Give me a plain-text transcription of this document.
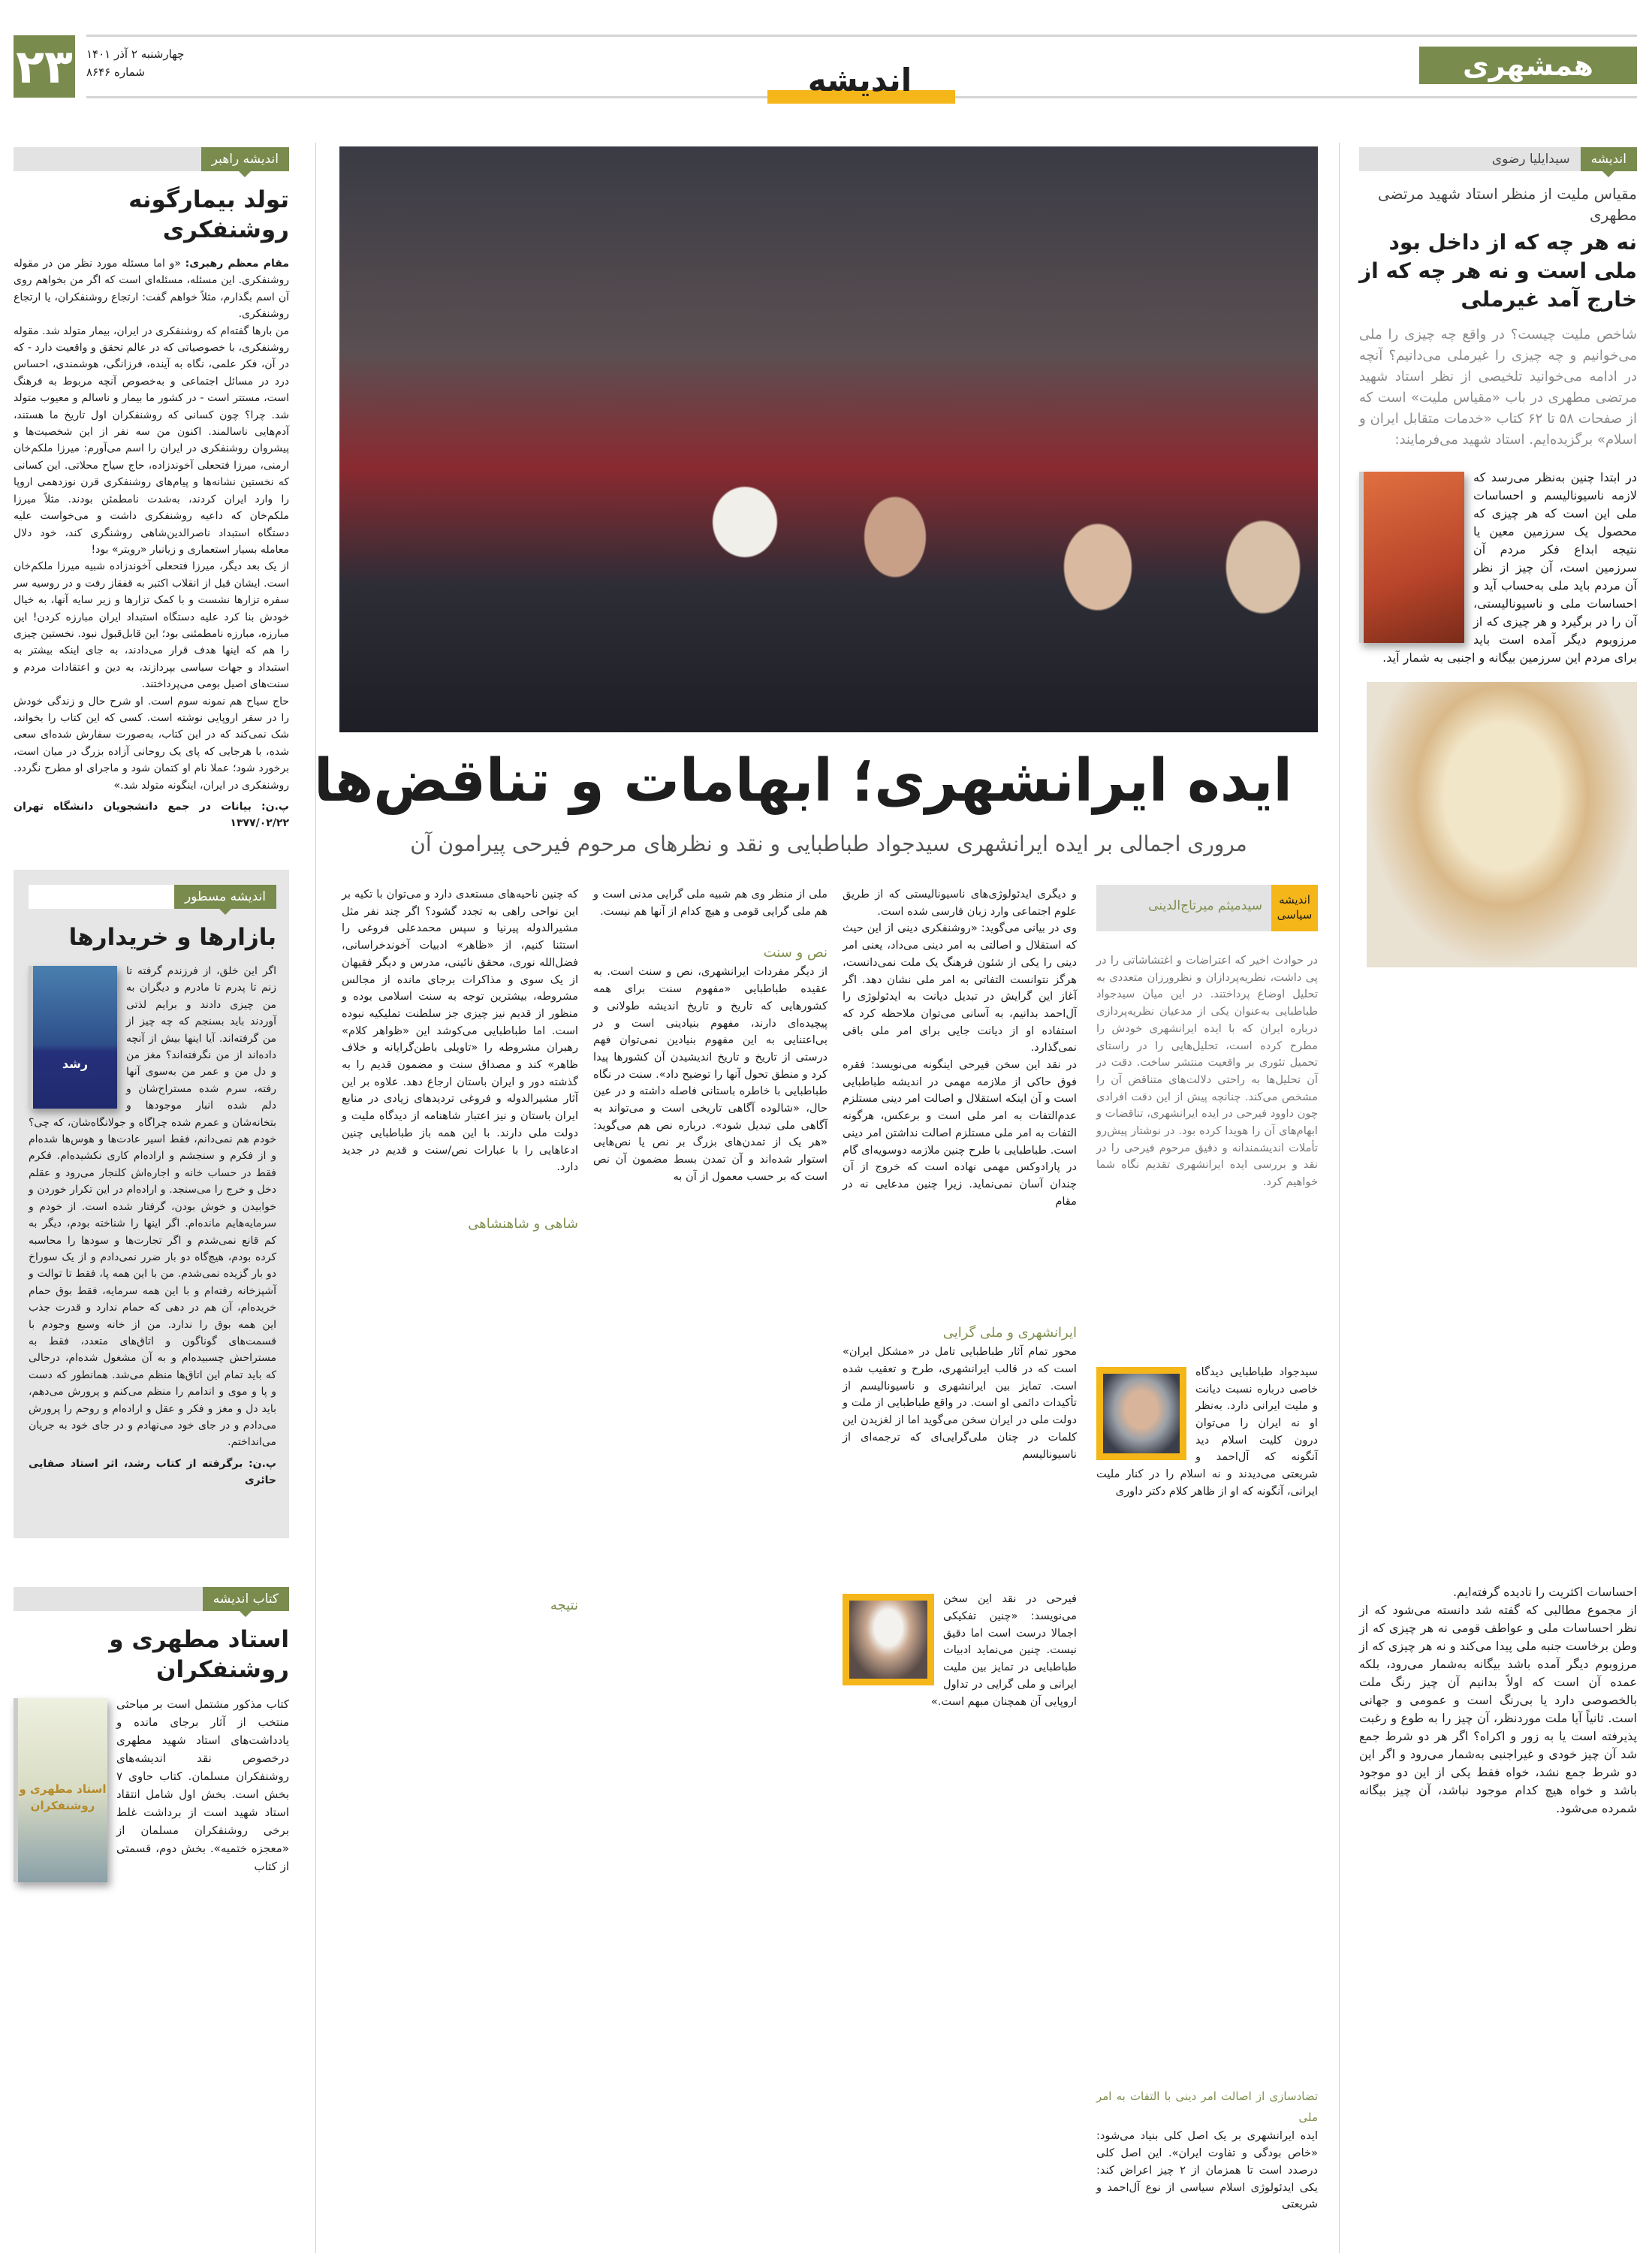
۲۳ چهارشنبه ۲ آذر ۱۴۰۱
شماره ۸۶۴۶	اندیشه	همشهری
اندیشه
سیدایلیا رضوی
مقیاس ملیت از منظر استاد شهید مرتضی مطهری
نه هر چه که از داخل بود ملی است و نه هر چه که از خارج آمد غیرملی

شاخص ملیت چیست؟ در واقع چه چیزی را ملی می‌خوانیم و چه چیزی را غیرملی می‌دانیم؟ آنچه در ادامه می‌خوانید تلخیصی از نظر استاد شهید مرتضی مطهری در باب «مقیاس ملیت» است که از صفحات ۵۸ تا ۶۲ کتاب «خدمات متقابل ایران و اسلام» برگزیده‌ایم. استاد شهید می‌فرمایند:

در ابتدا چنین به‌نظر می‌رسد که لازمه ناسیونالیسم و احساسات ملی این است که هر چیزی که محصول یک سرزمین معین یا نتیجه ابداع فکر مردم آن سرزمین است، آن چیز از نظر آن مردم باید ملی به‌حساب آید و احساسات ملی و ناسیونالیستی، آن را در برگیرد و هر چیزی که از مرزوبوم دیگر آمده است باید برای مردم این سرزمین بیگانه و اجنبی به شمار آید.

احساسات اکثریت را نادیده گرفته‌ایم.

از مجموع مطالبی که گفته شد دانسته می‌شود که از نظر احساسات ملی و عواطف قومی نه هر چیزی که از وطن برخاست جنبه ملی پیدا می‌کند و نه هر چیزی که از مرزوبوم دیگر آمده باشد بیگانه به‌شمار می‌رود، بلکه عمده آن است که اولاً بدانیم آن چیز رنگ ملت بالخصوصی دارد یا بی‌رنگ است و عمومی و جهانی است. ثانیاً آیا ملت موردنظر، آن چیز را به طوع و رغبت پذیرفته است یا به زور و اکراه؟ اگر هر دو شرط جمع شد آن چیز خودی و غیراجنبی به‌شمار می‌رود و اگر این دو شرط جمع نشد، خواه فقط یکی از این دو موجود باشد و خواه هیچ کدام موجود نباشد، آن چیز بیگانه شمرده می‌شود.

ایده ایرانشهری؛ ابهامات و تناقض‌ها
مروری اجمالی بر ایده ایرانشهری سیدجواد طباطبایی و نقد و نظرهای مرحوم فیرحی پیرامون آن
اندیشه سیاسی
سیدمیثم میرتاج‌الدینی

در حوادث اخیر که اعتراضات و اغتشاشاتی را در پی داشت، نظریه‌پردازان و نظرورزان متعددی به تحلیل اوضاع پرداختند. در این میان سیدجواد طباطبایی به‌عنوان یکی از مدعیان نظریه‌پردازی درباره ایران که با ایده ایرانشهری خودش را مطرح کرده است، تحلیل‌هایی را در راستای تحمیل تئوری بر واقعیت منتشر ساخت. دقت در آن تحلیل‌ها به راحتی دلالت‌های متناقض آن را مشخص می‌کند. چنانچه پیش از این دقت افرادی چون داوود فیرحی در ایده ایرانشهری، تناقضات و ابهام‌های آن را هویدا کرده بود. در نوشتار پیش‌رو تأملات اندیشمندانه و دقیق مرحوم فیرحی را در نقد و بررسی ایده ایرانشهری تقدیم نگاه شما خواهیم کرد.

سیدجواد طباطبایی دیدگاه خاصی درباره نسبت دیانت و ملیت ایرانی دارد. به‌نظر او نه ایران را می‌توان درون کلیت اسلام دید آنگونه که آل‌احمد و شریعتی می‌دیدند و نه اسلام را در کنار ملیت ایرانی، آنگونه که او از ظاهر کلام دکتر داوری

تضادسازی از اصالت امر دینی با التفات به امر ملی

ایده ایرانشهری بر یک اصل کلی بنیاد می‌شود: «خاص بودگی و تفاوت ایران». این اصل کلی درصدد است تا همزمان از ۲ چیز اعراض کند: یکی ایدئولوژی اسلام سیاسی از نوع آل‌احمد و شریعتی

و دیگری ایدئولوژی‌های ناسیونالیستی که از طریق علوم اجتماعی وارد زبان فارسی شده است.

وی در بیانی می‌گوید: «روشنفکری دینی از این حیث که استقلال و اصالتی به امر دینی می‌داد، یعنی امر دینی را یکی از شئون فرهنگ یک ملت نمی‌دانست، هرگز نتوانست التفاتی به امر ملی نشان دهد. اگر آغاز این گرایش در تبدیل دیانت به ایدئولوژی را آل‌احمد بدانیم، به آسانی می‌توان ملاحظه کرد که استفاده او از دیانت جایی برای امر ملی باقی نمی‌گذارد.

در نقد این سخن فیرحی اینگونه می‌نویسد: فقره فوق حاکی از ملازمه مهمی در اندیشه طباطبایی است و آن اینکه استقلال و اصالت امر دینی مستلزم عدم‌التفات به امر ملی است و برعکس، هرگونه التفات به امر ملی مستلزم اصالت نداشتن امر دینی است. طباطبایی با طرح چنین ملازمه دوسویه‌ای گام در پارادوکس مهمی نهاده است که خروج از آن چندان آسان نمی‌نماید. زیرا چنین مدعایی نه در مقام

ایرانشهری و ملی گرایی

محور تمام آثار طباطبایی تامل در «مشکل ایران» است که در قالب ایرانشهری، طرح و تعقیب شده است. تمایز بین ایرانشهری و ناسیونالیسم از تأکیدات دائمی او است. در واقع طباطبایی از ملت و دولت ملی در ایران سخن می‌گوید اما از لغزیدن این کلمات در چنان ملی‌گرایی‌ای که ترجمه‌ای از ناسیونالیسم

فیرحی در نقد این سخن می‌نویسد: «چنین تفکیکی اجمالا درست است اما دقیق نیست. چنین می‌نماید ادبیات طباطبایی در تمایز بین ملیت ایرانی و ملی گرایی در تداول اروپایی آن همچنان مبهم است.»

ملی از منظر وی هم شبیه ملی گرایی مدنی است و هم ملی گرایی قومی و هیچ کدام از آنها هم نیست.

نص و سنت

از دیگر مفردات ایرانشهری، نص و سنت است. به عقیده طباطبایی «مفهوم سنت برای همه کشورهایی که تاریخ و تاریخ اندیشه طولانی و پیچیده‌ای دارند، مفهوم بنیادینی است و در بی‌اعتنایی به این مفهوم بنیادین نمی‌توان فهم درستی از تاریخ و تاریخ اندیشیدن آن کشورها پیدا کرد و منطق تحول آنها را توضیح داد». سنت در نگاه طباطبایی با خاطره باستانی فاصله داشته و در عین حال، «شالوده آگاهی تاریخی است و می‌تواند به آگاهی ملی تبدیل شود». درباره نص هم می‌گوید: «هر یک از تمدن‌های بزرگ بر نص یا نص‌هایی استوار شده‌اند و آن تمدن بسط مضمون آن نص است که بر حسب معمول از آن به

که چنین ناحیه‌های مستعدی دارد و می‌توان با تکیه بر این نواحی راهی به تجدد گشود؟ اگر چند نفر مثل مشیرالدوله پیرنیا و سپس محمدعلی فروغی را استثنا کنیم، از «ظاهر» ادبیات آخوندخراسانی، فضل‌الله نوری، محقق نائینی، مدرس و دیگر فقیهان از یک سوی و مذاکرات برجای مانده از مجالس مشروطه، بیشترین توجه به سنت اسلامی بوده و منظور از قدیم نیز چیزی جز سلطنت تملیکیه نبوده است. اما طباطبایی می‌کوشد این «ظواهر کلام» رهبران مشروطه را «تاویلی باطن‌گرایانه و خلاف ظاهر» کند و مصداق سنت و مضمون قدیم را به گذشته دور و ایران باستان ارجاع دهد. علاوه بر این آثار مشیرالدوله و فروغی تردیدهای زیادی در منابع ایران باستان و نیز اعتبار شاهنامه از دیدگاه ملیت و دولت ملی دارند. با این همه باز طباطبایی چنین ادعاهایی را با عبارات نص/سنت و قدیم در جدید دارد.

شاهی و شاهنشاهی

نتیجه

اندیشه راهبر
تولد بیمارگونه روشنفکری

مقام معظم رهبری: «و اما مسئله مورد نظر من در مقوله روشنفکری. این مسئله، مسئله‌ای است که اگر من بخواهم روی آن اسم بگذارم، مثلاً خواهم گفت: ارتجاع روشنفکران، یا ارتجاع روشنفکری.

من بارها گفته‌ام که روشنفکری در ایران، بیمار متولد شد. مقوله روشنفکری، با خصوصیاتی که در عالم تحقق و واقعیت دارد - که در آن، فکر علمی، نگاه به آینده، فرزانگی، هوشمندی، احساس درد در مسائل اجتماعی و به‌خصوص آنچه مربوط به فرهنگ است، مستتر است - در کشور ما بیمار و ناسالم و معیوب متولد شد. چرا؟ چون کسانی که روشنفکران اول تاریخ ما هستند، آدم‌هایی ناسالمند. اکنون من سه نفر از این شخصیت‌ها و پیشروان روشنفکری در ایران را اسم می‌آورم: میرزا ملکم‌خان ارمنی، میرزا فتحعلی آخوندزاده، حاج سیاح محلاتی. این کسانی که نخستین نشانه‌ها و پیام‌های روشنفکری قرن نوزدهمی اروپا را وارد ایران کردند، به‌شدت نامطمئن بودند. مثلاً میرزا ملکم‌خان که داعیه روشنفکری داشت و می‌خواست علیه دستگاه استبداد ناصرالدین‌شاهی روشنگری کند، خود دلال معامله بسیار استعماری و زیانبار «رویتر» بود!

از یک بعد دیگر، میرزا فتحعلی آخوندزاده شبیه میرزا ملکم‌خان است. ایشان قبل از انقلاب اکتبر به قفقاز رفت و در روسیه سر سفره تزارها نشست و با کمک تزارها و زیر سایه آنها، به خیال خودش بنا کرد علیه دستگاه استبداد ایران مبارزه کردن! این مبارزه، مبارزه نامطمئنی بود؛ این قابل‌قبول نبود. نخستین چیزی را هم که اینها هدف قرار می‌دادند، به جای اینکه بیشتر به استبداد و جهات سیاسی بپردازند، به دین و اعتقادات مردم و سنت‌های اصیل بومی می‌پرداختند.

حاج سیاح هم نمونه سوم است. او شرح حال و زندگی خودش را در سفر اروپایی نوشته است. کسی که این کتاب را بخواند، شک نمی‌کند که در این کتاب، به‌صورت سفارش شده‌ای سعی شده، با هرجایی که پای یک روحانی آزاده بزرگ در میان است، برخورد شود؛ عملا نام او کتمان شود و ماجرای او مطرح نگردد. روشنفکری در ایران، اینگونه متولد شد.»

پ.ن: بیانات در جمع دانشجویان دانشگاه تهران ۱۳۷۷/۰۲/۲۲

اندیشه مسطور
بازارها و خریدارها
رشد

اگر این خلق، از فرزندم گرفته تا زنم تا پدرم تا مادرم و دیگران به من چیزی دادند و برایم لذتی آوردند باید بسنجم که چه چیز از من گرفته‌اند. آیا اینها بیش از آنچه داده‌اند از من نگرفته‌اند؟ مغز من و دل من و عمر من به‌سوی آنها رفته، سرم شده مستراح‌شان و دلم شده انبار موجودها و بتخانه‌شان و عمرم شده چراگاه و جولانگاه‌شان، که چی؟ خودم هم نمی‌دانم، فقط اسیر عادت‌ها و هوس‌ها شده‌ام و از فکرم و سنجشم و اراده‌ام کاری نکشیده‌ام. فکرم فقط در حساب خانه و اجاره‌اش کلنجار می‌رود و عقلم دخل و خرج را می‌سنجد. و اراده‌ام در این تکرار خوردن و خوابیدن و خوش بودن، گرفتار شده است. از خودم و سرمایه‌هایم مانده‌ام. اگر اینها را شناخته بودم، دیگر به کم قانع نمی‌شدم و اگر تجارت‌ها و سودها را محاسبه کرده بودم، هیچ‌گاه دو بار ضرر نمی‌دادم و از یک سوراخ دو بار گزیده نمی‌شدم. من با این همه پا، فقط تا توالت و آشپزخانه رفته‌ام و با این همه سرمایه، فقط بوق حمام خریده‌ام، آن هم در دهی که حمام ندارد و قدرت جذب این همه بوق را ندارد. من از خانه وسیع وجودم با قسمت‌های گوناگون و اتاق‌های متعدد، فقط به مستراحش چسبیده‌ام و به آن مشغول شده‌ام، درحالی که باید تمام این اتاق‌ها منظم می‌شد. همانطور که دست و پا و موی و اندامم را منظم می‌کنم و پرورش می‌دهم، باید دل و مغز و فکر و عقل و اراده‌ام و روحم را پرورش می‌دادم و در جای خود می‌نهادم و در جای خود به جریان می‌انداختم.

پ.ن: برگرفته از کتاب رشد، اثر استاد صفایی حائری

کتاب اندیشه
استاد مطهری و روشنفکران
استاد مطهری و روشنفکران

کتاب مذکور مشتمل است بر مباحثی منتخب از آثار برجای مانده و یادداشت‌های استاد شهید مطهری درخصوص نقد اندیشه‌های روشنفکران مسلمان. کتاب حاوی ۷ بخش است. بخش اول شامل انتقاد استاد شهید است از برداشت غلط برخی روشنفکران مسلمان از «معجزه ختمیه». بخش دوم، قسمتی از کتاب
